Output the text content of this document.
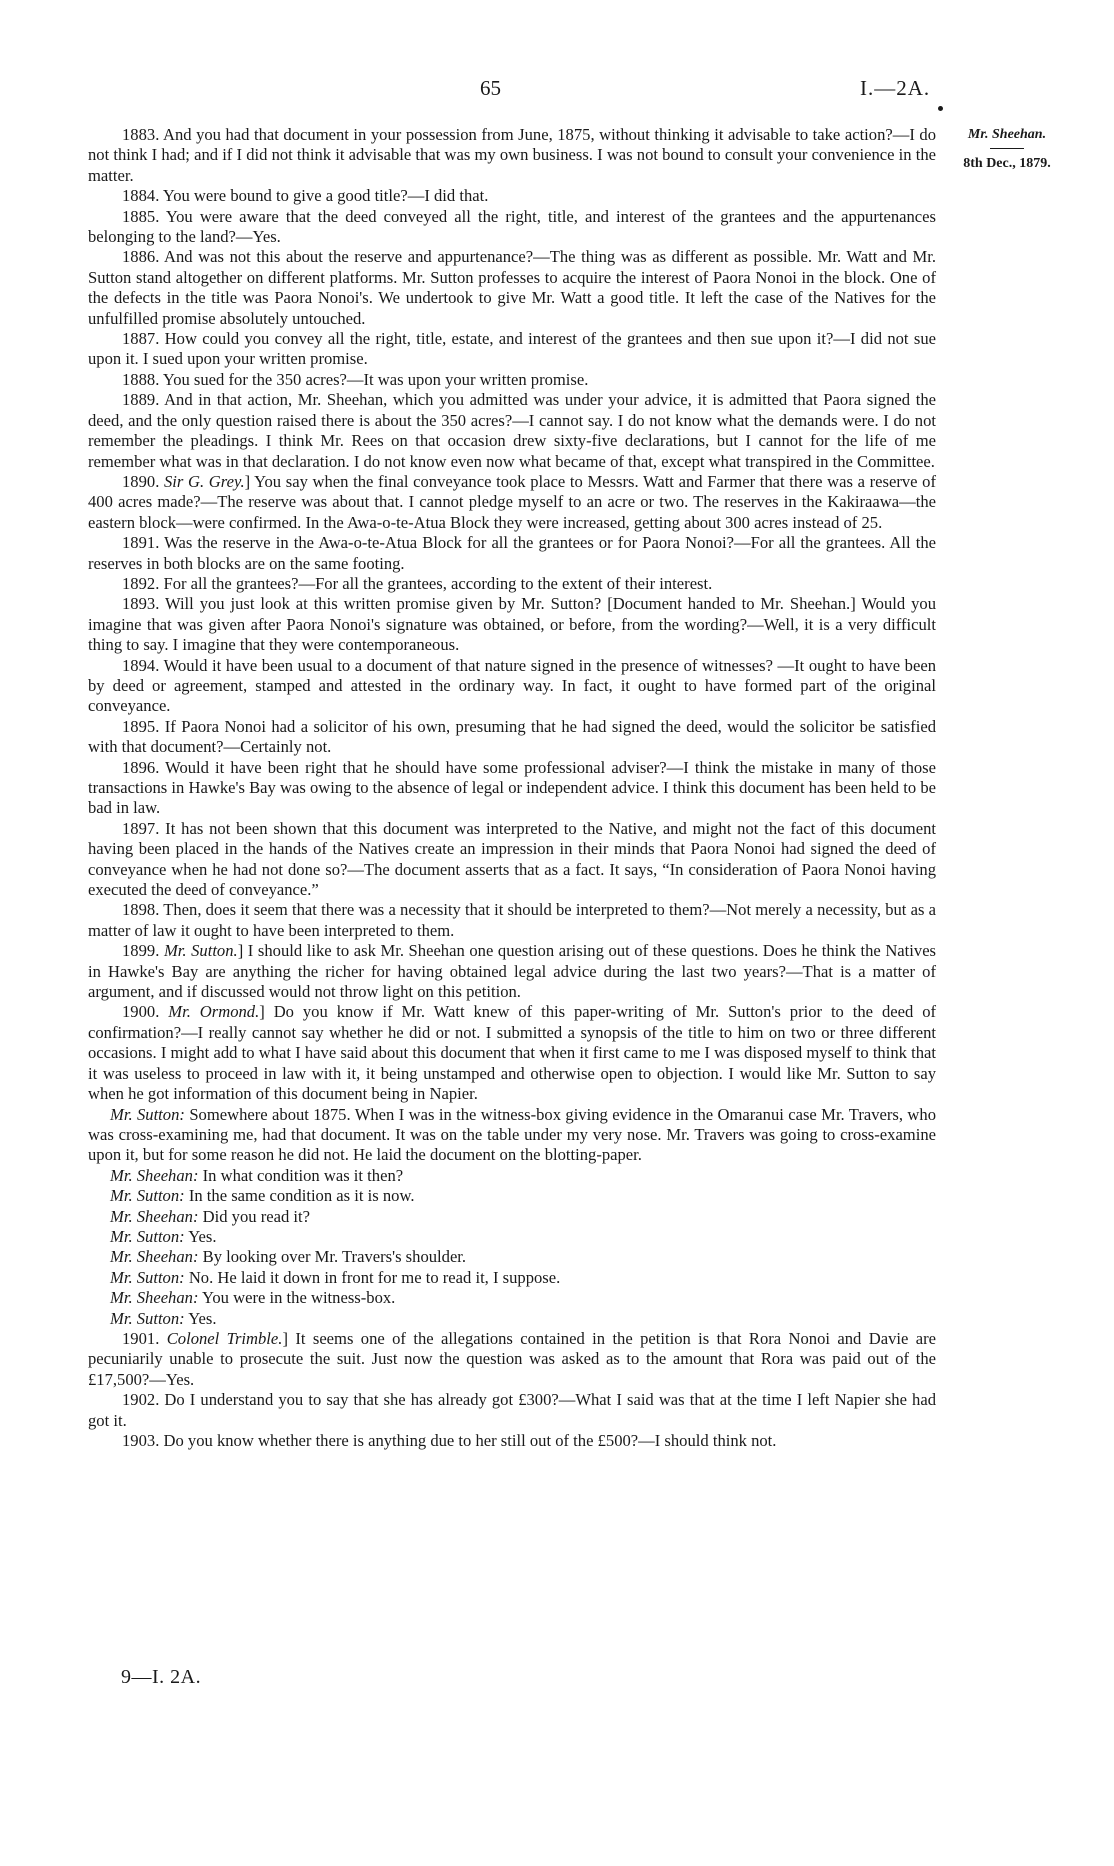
65	I.—2A.
Mr. Sheehan.
8th Dec., 1879.

1883. And you had that document in your possession from June, 1875, without thinking it advisable to take action?—I do not think I had; and if I did not think it advisable that was my own business. I was not bound to consult your convenience in the matter.

1884. You were bound to give a good title?—I did that.

1885. You were aware that the deed conveyed all the right, title, and interest of the grantees and the appurtenances belonging to the land?—Yes.

1886. And was not this about the reserve and appurtenance?—The thing was as different as possible. Mr. Watt and Mr. Sutton stand altogether on different platforms. Mr. Sutton professes to acquire the interest of Paora Nonoi in the block. One of the defects in the title was Paora Nonoi's. We undertook to give Mr. Watt a good title. It left the case of the Natives for the unfulfilled promise absolutely untouched.

1887. How could you convey all the right, title, estate, and interest of the grantees and then sue upon it?—I did not sue upon it. I sued upon your written promise.

1888. You sued for the 350 acres?—It was upon your written promise.

1889. And in that action, Mr. Sheehan, which you admitted was under your advice, it is admitted that Paora signed the deed, and the only question raised there is about the 350 acres?—I cannot say. I do not know what the demands were. I do not remember the pleadings. I think Mr. Rees on that occasion drew sixty-five declarations, but I cannot for the life of me remember what was in that declaration. I do not know even now what became of that, except what transpired in the Committee.

1890. Sir G. Grey.] You say when the final conveyance took place to Messrs. Watt and Farmer that there was a reserve of 400 acres made?—The reserve was about that. I cannot pledge myself to an acre or two. The reserves in the Kakiraawa—the eastern block—were confirmed. In the Awa-o-te-Atua Block they were increased, getting about 300 acres instead of 25.

1891. Was the reserve in the Awa-o-te-Atua Block for all the grantees or for Paora Nonoi?—For all the grantees. All the reserves in both blocks are on the same footing.

1892. For all the grantees?—For all the grantees, according to the extent of their interest.

1893. Will you just look at this written promise given by Mr. Sutton? [Document handed to Mr. Sheehan.] Would you imagine that was given after Paora Nonoi's signature was obtained, or before, from the wording?—Well, it is a very difficult thing to say. I imagine that they were contemporaneous.

1894. Would it have been usual to a document of that nature signed in the presence of witnesses? —It ought to have been by deed or agreement, stamped and attested in the ordinary way. In fact, it ought to have formed part of the original conveyance.

1895. If Paora Nonoi had a solicitor of his own, presuming that he had signed the deed, would the solicitor be satisfied with that document?—Certainly not.

1896. Would it have been right that he should have some professional adviser?—I think the mistake in many of those transactions in Hawke's Bay was owing to the absence of legal or independent advice. I think this document has been held to be bad in law.

1897. It has not been shown that this document was interpreted to the Native, and might not the fact of this document having been placed in the hands of the Natives create an impression in their minds that Paora Nonoi had signed the deed of conveyance when he had not done so?—The document asserts that as a fact. It says, “In consideration of Paora Nonoi having executed the deed of conveyance.”

1898. Then, does it seem that there was a necessity that it should be interpreted to them?—Not merely a necessity, but as a matter of law it ought to have been interpreted to them.

1899. Mr. Sutton.] I should like to ask Mr. Sheehan one question arising out of these questions. Does he think the Natives in Hawke's Bay are anything the richer for having obtained legal advice during the last two years?—That is a matter of argument, and if discussed would not throw light on this petition.

1900. Mr. Ormond.] Do you know if Mr. Watt knew of this paper-writing of Mr. Sutton's prior to the deed of confirmation?—I really cannot say whether he did or not. I submitted a synopsis of the title to him on two or three different occasions. I might add to what I have said about this document that when it first came to me I was disposed myself to think that it was useless to proceed in law with it, it being unstamped and otherwise open to objection. I would like Mr. Sutton to say when he got information of this document being in Napier.

Mr. Sutton: Somewhere about 1875. When I was in the witness-box giving evidence in the Omaranui case Mr. Travers, who was cross-examining me, had that document. It was on the table under my very nose. Mr. Travers was going to cross-examine upon it, but for some reason he did not. He laid the document on the blotting-paper.

Mr. Sheehan: In what condition was it then?

Mr. Sutton: In the same condition as it is now.

Mr. Sheehan: Did you read it?

Mr. Sutton: Yes.

Mr. Sheehan: By looking over Mr. Travers's shoulder.

Mr. Sutton: No. He laid it down in front for me to read it, I suppose.

Mr. Sheehan: You were in the witness-box.

Mr. Sutton: Yes.

1901. Colonel Trimble.] It seems one of the allegations contained in the petition is that Rora Nonoi and Davie are pecuniarily unable to prosecute the suit. Just now the question was asked as to the amount that Rora was paid out of the £17,500?—Yes.

1902. Do I understand you to say that she has already got £300?—What I said was that at the time I left Napier she had got it.

1903. Do you know whether there is anything due to her still out of the £500?—I should think not.

9—I. 2A.
